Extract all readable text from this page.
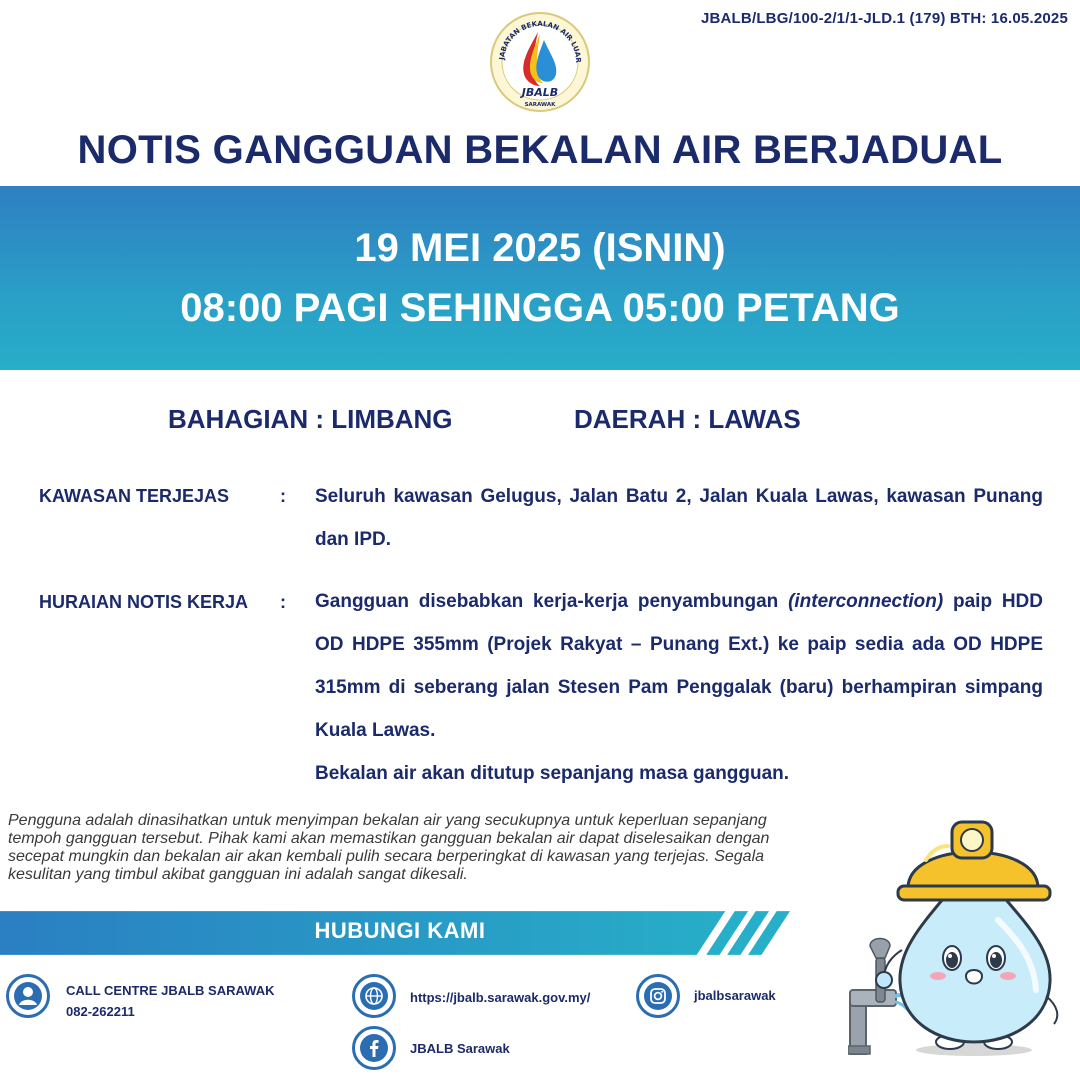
JBALB/LBG/100-2/1/1-JLD.1 (179) BTH: 16.05.2025
JABATAN BEKALAN AIR LUAR
JBALB
SARAWAK
NOTIS GANGGUAN BEKALAN AIR BERJADUAL
19 MEI 2025 (ISNIN)
08:00 PAGI SEHINGGA 05:00 PETANG
BAHAGIAN : LIMBANG	DAERAH : LAWAS
KAWASAN TERJEJAS	: Seluruh kawasan Gelugus, Jalan Batu 2, Jalan Kuala Lawas, kawasan Punang dan IPD.

HURAIAN NOTIS KERJA : Gangguan disebabkan kerja-kerja penyambungan (interconnection) paip HDD OD HDPE 355mm (Projek Rakyat – Punang Ext.) ke paip sedia ada OD HDPE 315mm di seberang jalan Stesen Pam Penggalak (baru) berhampiran simpang Kuala Lawas.

Bekalan air akan ditutup sepanjang masa gangguan.

Pengguna adalah dinasihatkan untuk menyimpan bekalan air yang secukupnya untuk keperluan sepanjang tempoh gangguan tersebut. Pihak kami akan memastikan gangguan bekalan air dapat diselesaikan dengan secepat mungkin dan bekalan air akan kembali pulih secara berperingkat di kawasan yang terjejas. Segala kesulitan yang timbul akibat gangguan ini adalah sangat dikesali.
HUBUNGI KAMI
CALL CENTRE JBALB SARAWAK
082-262211
https://jbalb.sarawak.gov.my/	jbalbsarawak
JBALB Sarawak
